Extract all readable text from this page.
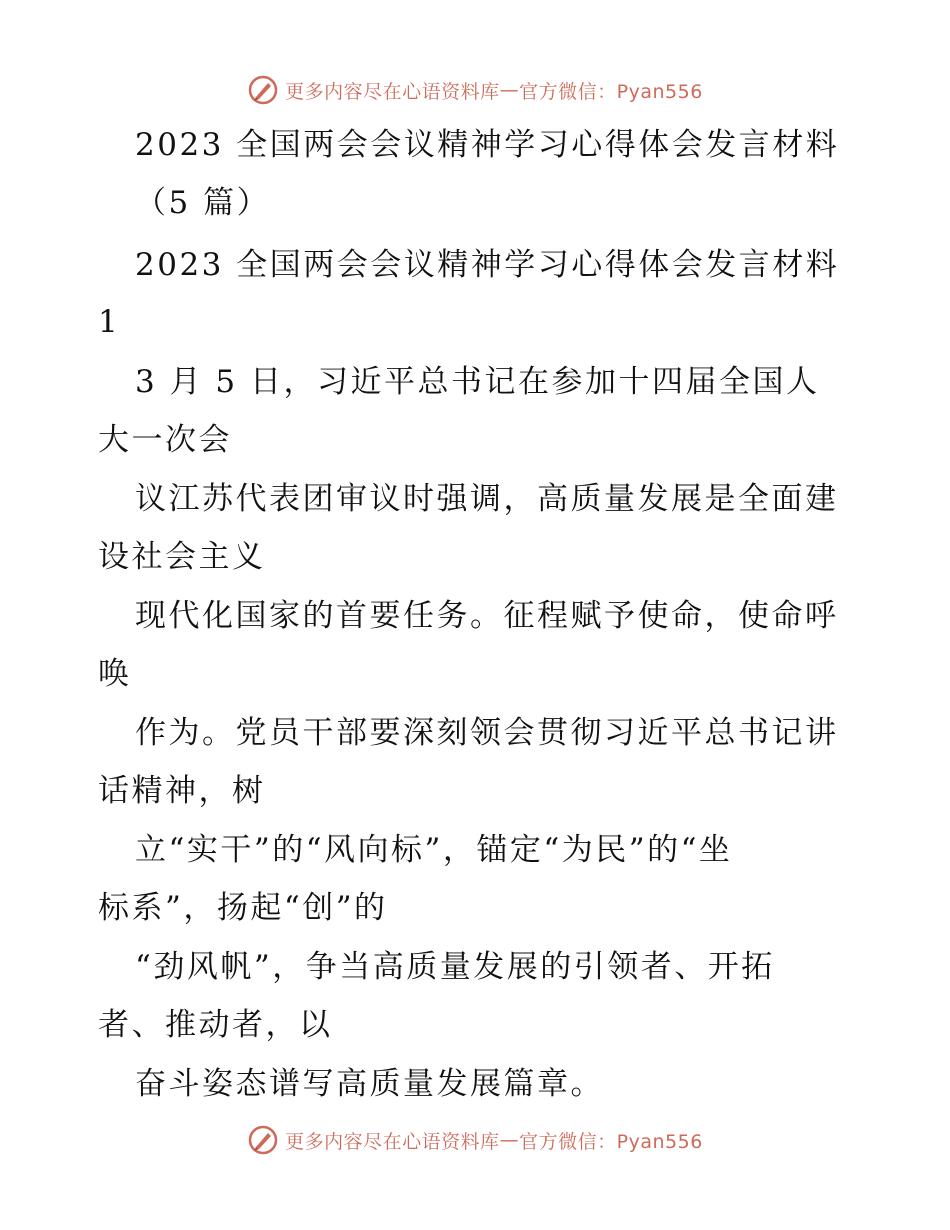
更多内容尽在心语资料库 — 官方微信：Pyan556
2023 全国两会会议精神学习心得体会发言材料
（5 篇）
2023 全国两会会议精神学习心得体会发言材料
1
3 月 5 日，习近平总书记在参加十四届全国人
大一次会
议江苏代表团审议时强调，高质量发展是全面建
设社会主义
现代化国家的首要任务。征程赋予使命，使命呼
唤
作为。党员干部要深刻领会贯彻习近平总书记讲
话精神，树
立“实干”的“风向标”，锚定“为民”的“坐
标系”，扬起“创”的
“劲风帆”，争当高质量发展的引领者、开拓
者、推动者，以
奋斗姿态谱写高质量发展篇章。
更多内容尽在心语资料库 — 官方微信：Pyan556
